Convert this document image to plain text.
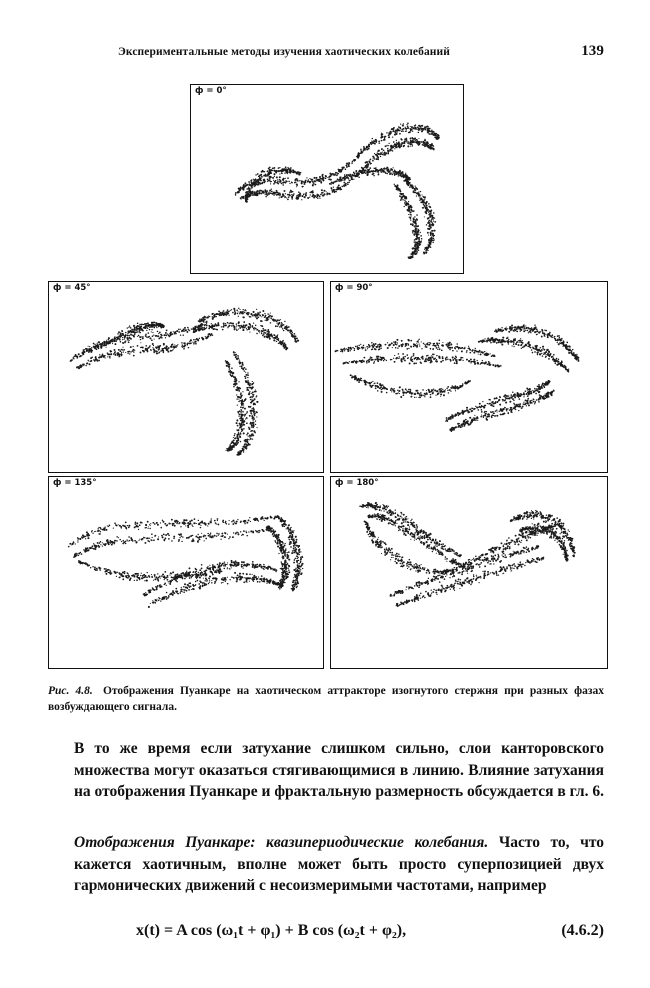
Экспериментальные методы изучения хаотических колебаний	139
ф = 0°
ф = 45°	ф = 90°
ф = 135°	ф = 180°
Рис. 4.8. Отображения Пуанкаре на хаотическом аттракторе изогнутого стержня при разных фазах возбуждающего сигнала.
В то же время если затухание слишком сильно, слои канторовского множества могут оказаться стягивающимися в линию. Влияние затухания на отображения Пуанкаре и фрактальную размерность обсуждается в гл. 6.
Отображения Пуанкаре: квазипериодические колебания. Часто то, что кажется хаотичным, вполне может быть просто суперпозицией двух гармонических движений с несоизмеримыми частотами, например
x(t) = A cos (ω₁t + φ₁) + B cos (ω₂t + φ₂),	(4.6.2)
